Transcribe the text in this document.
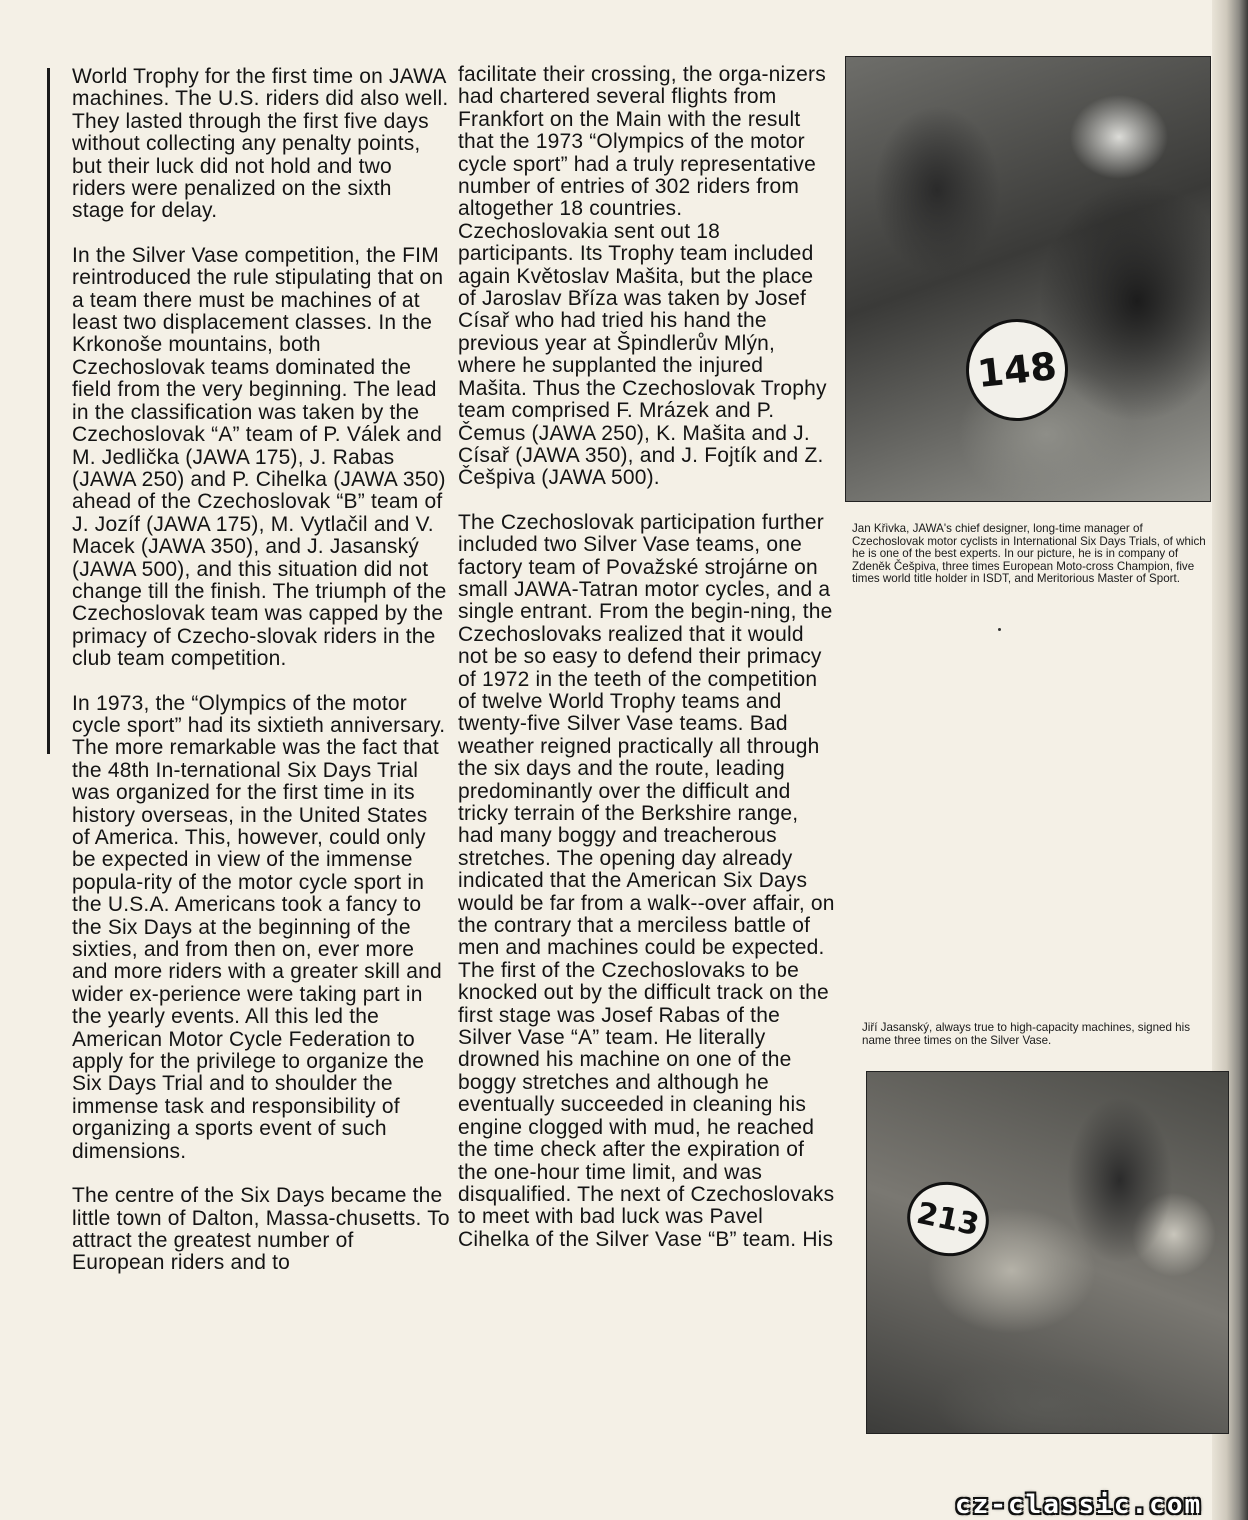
World Trophy for the first time on JAWA machines. The U.S. riders did also well. They lasted through the first five days without collecting any penalty points, but their luck did not hold and two riders were penalized on the sixth stage for delay.

In the Silver Vase competition, the FIM reintroduced the rule stipulating that on a team there must be machines of at least two displacement classes. In the Krkonoše mountains, both Czechoslovak teams dominated the field from the very beginning. The lead in the classification was taken by the Czechoslovak “A” team of P. Válek and M. Jedlička (JAWA 175), J. Rabas (JAWA 250) and P. Cihelka (JAWA 350) ahead of the Czechoslovak “B” team of J. Jozíf (JAWA 175), M. Vytlačil and V. Macek (JAWA 350), and J. Jasanský (JAWA 500), and this situation did not change till the finish. The triumph of the Czechoslovak team was capped by the primacy of Czecho-slovak riders in the club team competition.

In 1973, the “Olympics of the motor cycle sport” had its sixtieth anniversary. The more remarkable was the fact that the 48th In-ternational Six Days Trial was organized for the first time in its history overseas, in the United States of America. This, however, could only be expected in view of the immense popula-rity of the motor cycle sport in the U.S.A. Americans took a fancy to the Six Days at the beginning of the sixties, and from then on, ever more and more riders with a greater skill and wider ex-perience were taking part in the yearly events. All this led the American Motor Cycle Federation to apply for the privilege to organize the Six Days Trial and to shoulder the immense task and responsibility of organizing a sports event of such dimensions.

The centre of the Six Days became the little town of Dalton, Massa-chusetts. To attract the greatest number of European riders and to

facilitate their crossing, the orga-nizers had chartered several flights from Frankfort on the Main with the result that the 1973 “Olympics of the motor cycle sport” had a truly representative number of entries of 302 riders from altogether 18 countries. Czechoslovakia sent out 18 participants. Its Trophy team included again Květoslav Mašita, but the place of Jaroslav Bříza was taken by Josef Císař who had tried his hand the previous year at Špindlerův Mlýn, where he supplanted the injured Mašita. Thus the Czechoslovak Trophy team comprised F. Mrázek and P. Čemus (JAWA 250), K. Mašita and J. Císař (JAWA 350), and J. Fojtík and Z. Češpiva (JAWA 500).

The Czechoslovak participation further included two Silver Vase teams, one factory team of Považské strojárne on small JAWA-Tatran motor cycles, and a single entrant. From the begin-ning, the Czechoslovaks realized that it would not be so easy to defend their primacy of 1972 in the teeth of the competition of twelve World Trophy teams and twenty-five Silver Vase teams. Bad weather reigned practically all through the six days and the route, leading predominantly over the difficult and tricky terrain of the Berkshire range, had many boggy and treacherous stretches. The opening day already indicated that the American Six Days would be far from a walk--over affair, on the contrary that a merciless battle of men and machines could be expected. The first of the Czechoslovaks to be knocked out by the difficult track on the first stage was Josef Rabas of the Silver Vase “A” team. He literally drowned his machine on one of the boggy stretches and although he eventually succeeded in cleaning his engine clogged with mud, he reached the time check after the expiration of the one-hour time limit, and was disqualified. The next of Czechoslovaks to meet with bad luck was Pavel Cihelka of the Silver Vase “B” team. His

148
Jan Křivka, JAWA's chief designer, long-time manager of Czechoslovak motor cyclists in International Six Days Trials, of which he is one of the best experts. In our picture, he is in company of Zdeněk Češpiva, three times European Moto-cross Champion, five times world title holder in ISDT, and Meritorious Master of Sport.
Jiří Jasanský, always true to high-capacity machines, signed his name three times on the Silver Vase.
213
cz-classic.com
